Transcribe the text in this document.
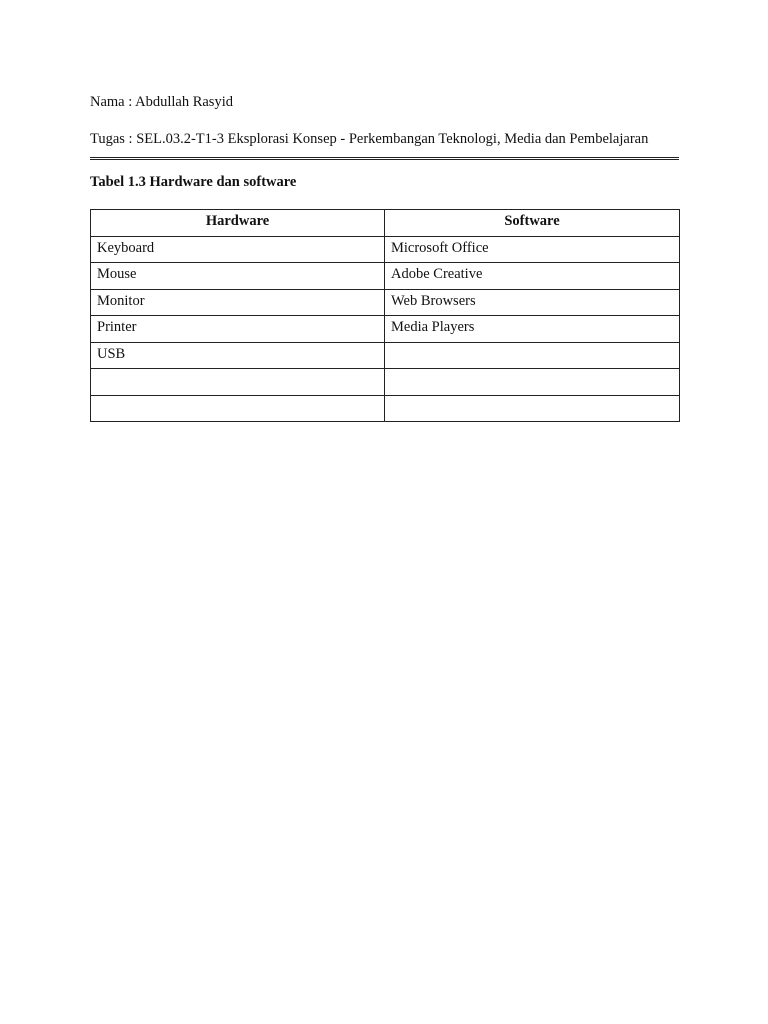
Nama : Abdullah Rasyid
Tugas : SEL.03.2-T1-3 Eksplorasi Konsep - Perkembangan Teknologi, Media dan Pembelajaran
Tabel 1.3 Hardware dan software
Hardware	Software
Keyboard	Microsoft Office
Mouse	Adobe Creative
Monitor	Web Browsers
Printer	Media Players
USB	
